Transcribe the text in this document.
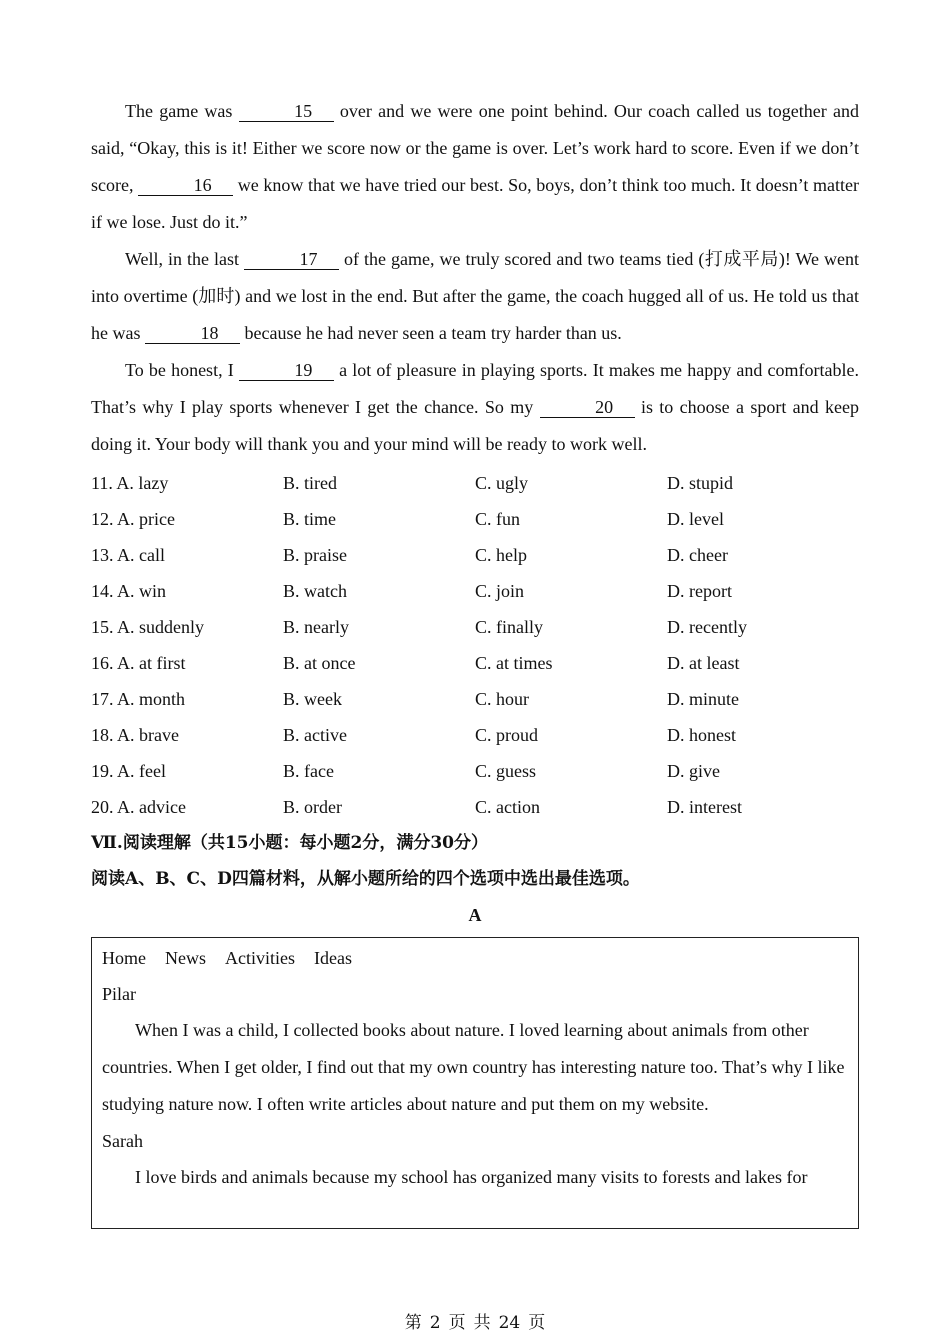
The game was	15 over and we were one point behind. Our coach called us together and said, “Okay, this is it! Either we score now or the game is over. Let’s work hard to score. Even if we don’t score,	16 we know that we have tried our best. So, boys, don’t think too much. It doesn’t matter if we lose. Just do it.”

Well, in the last	17 of the game, we truly scored and two teams tied (打成平局)! We went into overtime (加时) and we lost in the end. But after the game, the coach hugged all of us. He told us that he was	18 because he had never seen a team try harder than us.

To be honest, I	19 a lot of pleasure in playing sports. It makes me happy and comfortable. That’s why I play sports whenever I get the chance. So my	20 is to choose a sport and keep doing it. Your body will thank you and your mind will be ready to work well.

11. A. lazy	B. tired	C. ugly	D. stupid
12. A. price	B. time	C. fun	D. level
13. A. call	B. praise	C. help	D. cheer
14. A. win	B. watch	C. join	D. report
15. A. suddenly	B. nearly	C. finally	D. recently
16. A. at first	B. at once	C. at times	D. at least
17. A. month	B. week	C. hour	D. minute
18. A. brave	B. active	C. proud	D. honest
19. A. feel	B. face	C. guess	D. give
20. A. advice	B. order	C. action	D. interest
Ⅶ.阅读理解（共15小题：每小题2分，满分30分）
阅读A、B、C、D四篇材料，从解小题所给的四个选项中选出最佳选项。
A
Home News Activities Ideas
Pilar

When I was a child, I collected books about nature. I loved learning about animals from other countries. When I get older, I find out that my own country has interesting nature too. That’s why I like studying nature now. I often write articles about nature and put them on my website.

Sarah

I love birds and animals because my school has organized many visits to forests and lakes for

第 2 页 共 24 页
